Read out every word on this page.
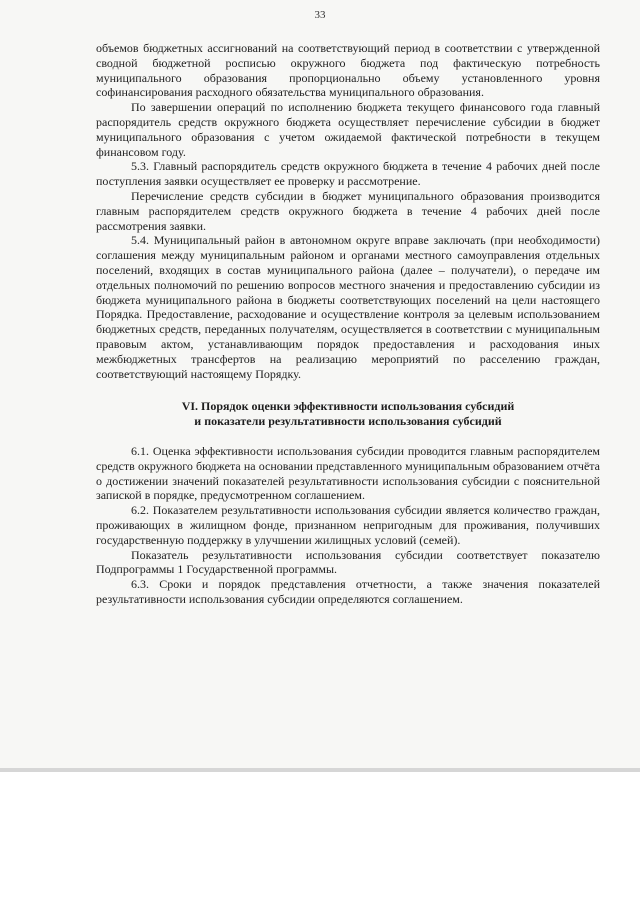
33

объемов бюджетных ассигнований на соответствующий период в соответствии с утвержденной сводной бюджетной росписью окружного бюджета под фактическую потребность муниципального образования пропорционально объему установленного уровня софинансирования расходного обязательства муниципального образования.

По завершении операций по исполнению бюджета текущего финансового года главный распорядитель средств окружного бюджета осуществляет перечисление субсидии в бюджет муниципального образования с учетом ожидаемой фактической потребности в текущем финансовом году.

5.3. Главный распорядитель средств окружного бюджета в течение 4 рабочих дней после поступления заявки осуществляет ее проверку и рассмотрение.

Перечисление средств субсидии в бюджет муниципального образования производится главным распорядителем средств окружного бюджета в течение 4 рабочих дней после рассмотрения заявки.

5.4. Муниципальный район в автономном округе вправе заключать (при необходимости) соглашения между муниципальным районом и органами местного самоуправления отдельных поселений, входящих в состав муниципального района (далее – получатели), о передаче им отдельных полномочий по решению вопросов местного значения и предоставлению субсидии из бюджета муниципального района в бюджеты соответствующих поселений на цели настоящего Порядка. Предоставление, расходование и осуществление контроля за целевым использованием бюджетных средств, переданных получателям, осуществляется в соответствии с муниципальным правовым актом, устанавливающим порядок предоставления и расходования иных межбюджетных трансфертов на реализацию мероприятий по расселению граждан, соответствующий настоящему Порядку.

VI. Порядок оценки эффективности использования субсидий
и показатели результативности использования субсидий

6.1. Оценка эффективности использования субсидии проводится главным распорядителем средств окружного бюджета на основании представленного муниципальным образованием отчёта о достижении значений показателей результативности использования субсидии с пояснительной запиской в порядке, предусмотренном соглашением.

6.2. Показателем результативности использования субсидии является количество граждан, проживающих в жилищном фонде, признанном непригодным для проживания, получивших государственную поддержку в улучшении жилищных условий (семей).

Показатель результативности использования субсидии соответствует показателю Подпрограммы 1 Государственной программы.

6.3. Сроки и порядок представления отчетности, а также значения показателей результативности использования субсидии определяются соглашением.
